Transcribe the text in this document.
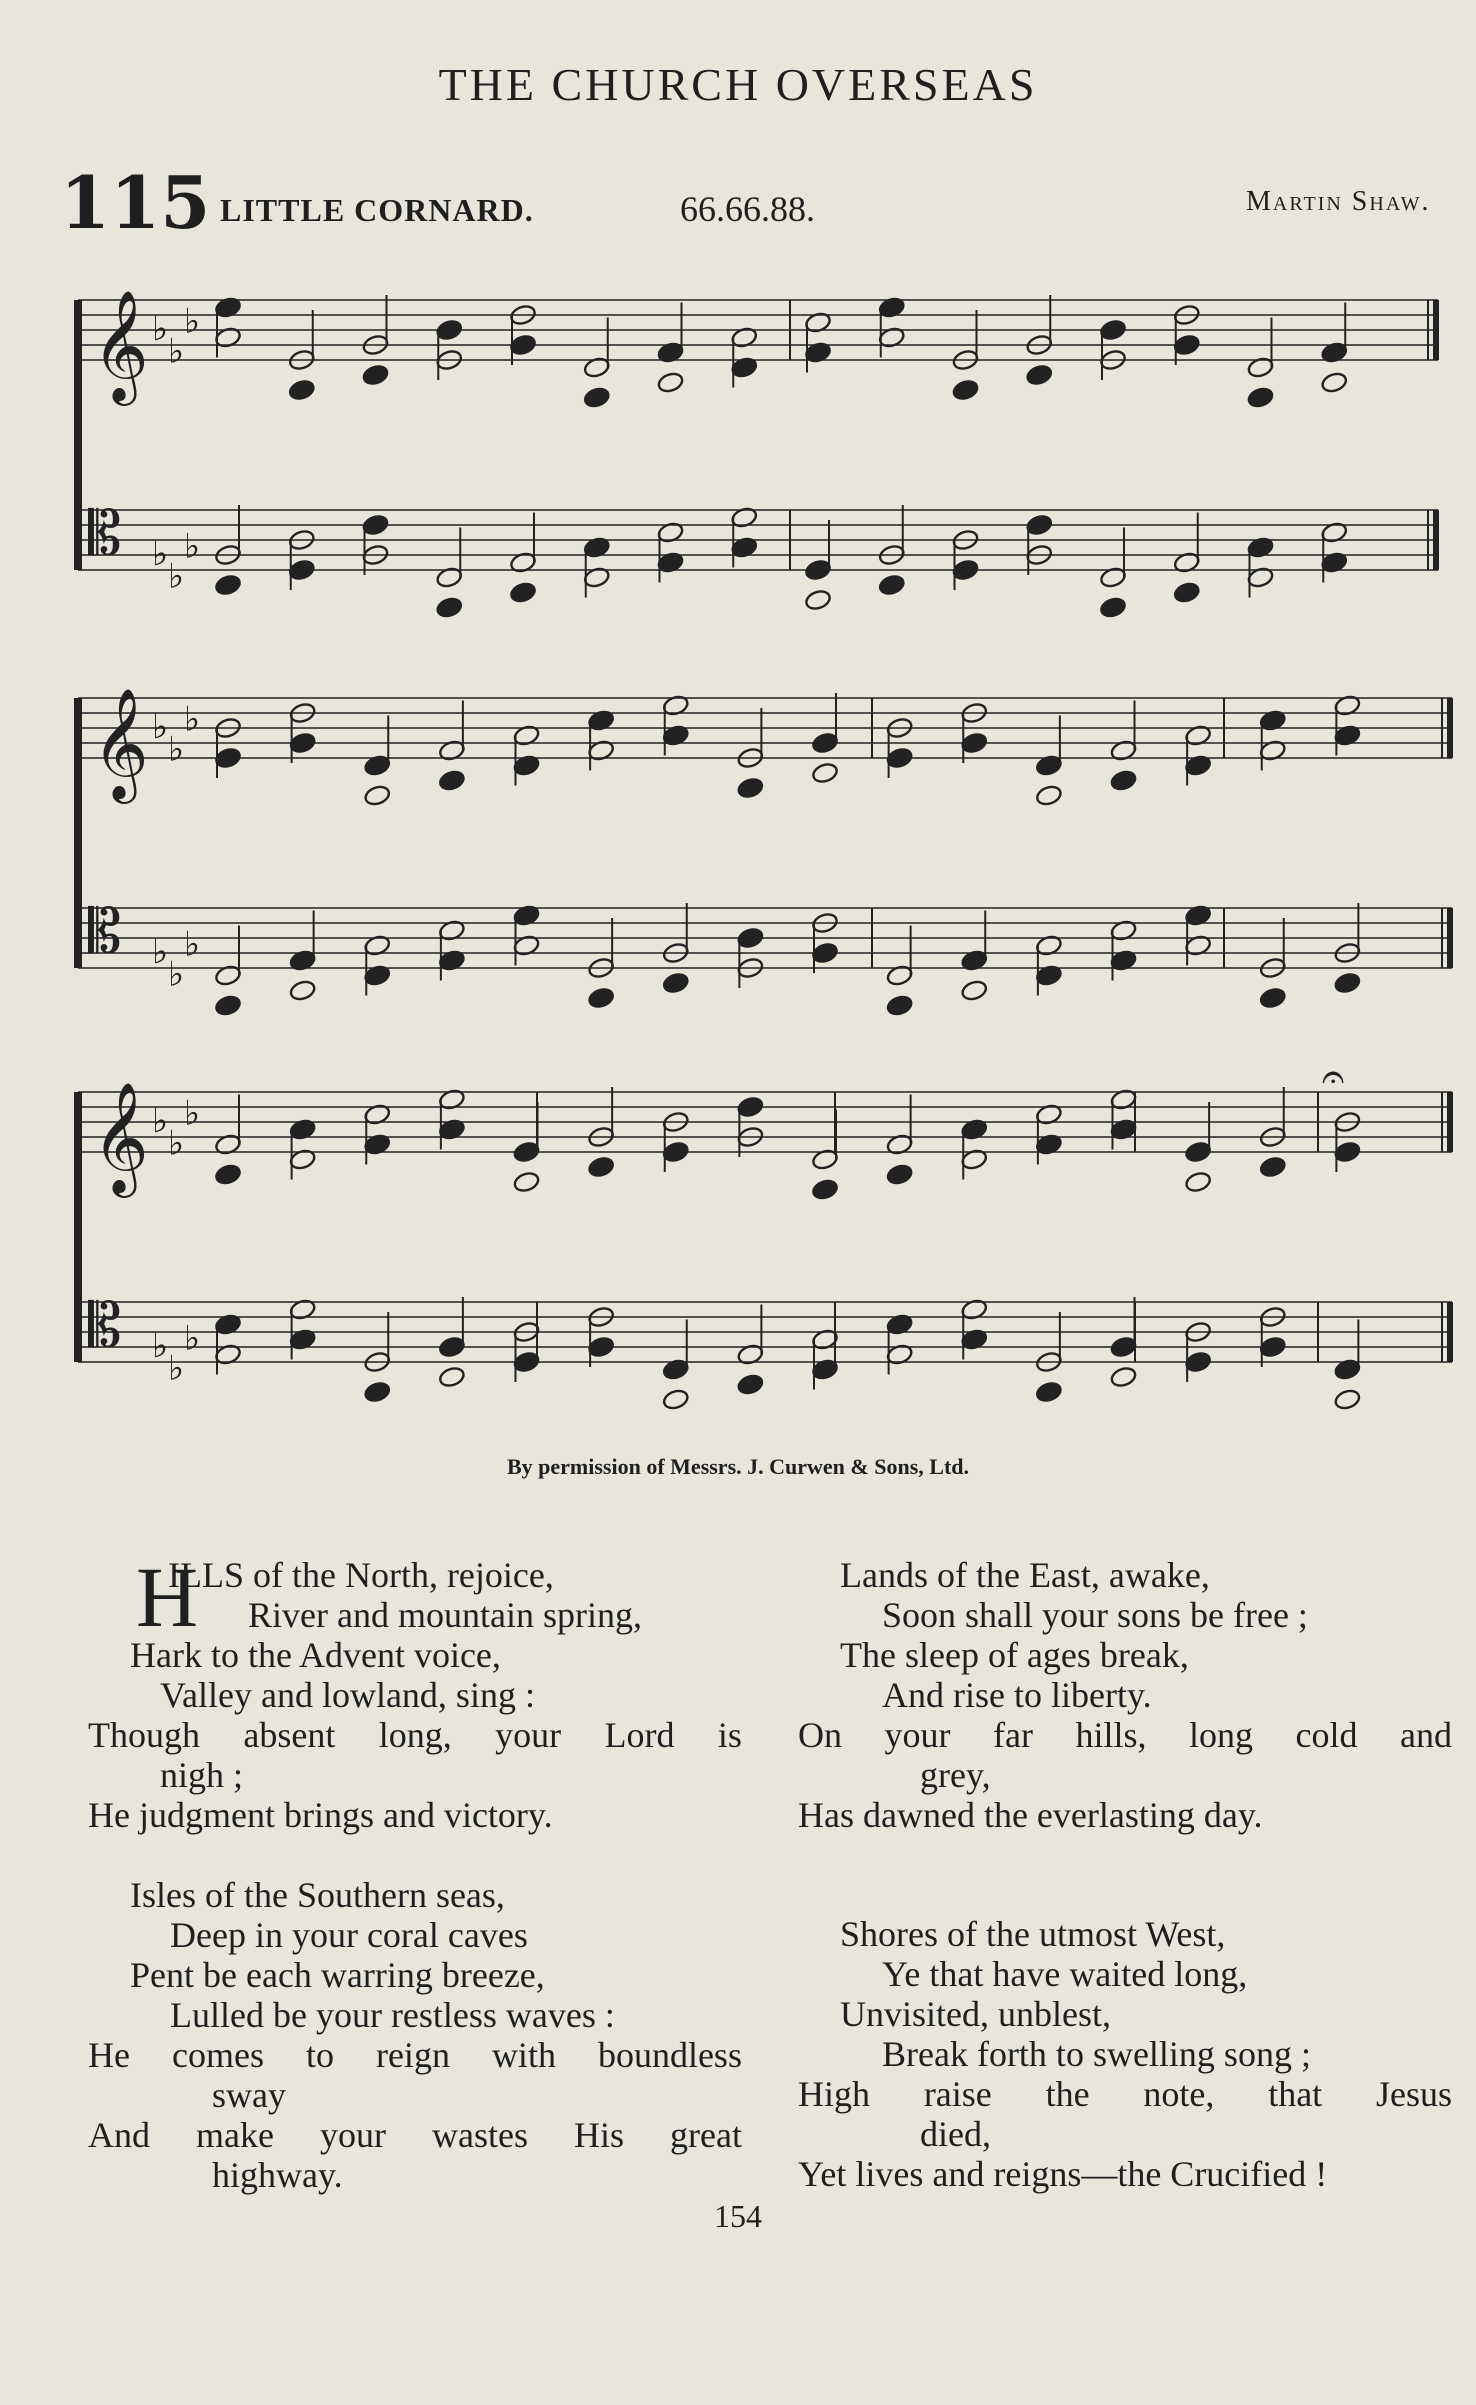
THE CHURCH OVERSEAS
115 LITTLE CORNARD.	66.66.88.	Martin Shaw.
𝄞 ♭
♭
♭
𝄡 ♭
♭
♭
𝄞 ♭
♭
♭
𝄡 ♭
♭
♭
𝄞 ♭
♭
♭
𝄡 ♭
♭
♭
𝄐
By permission of Messrs. J. Curwen & Sons, Ltd.
H
ILLS of the North, rejoice,
River and mountain spring,
Hark to the Advent voice,
Valley and lowland, sing :
Though absent long, your Lord is
nigh ;
He judgment brings and victory.
Isles of the Southern seas,
Deep in your coral caves
Pent be each warring breeze,
Lulled be your restless waves :
He comes to reign with boundless
sway
And make your wastes His great
highway.
Lands of the East, awake,
Soon shall your sons be free ;
The sleep of ages break,
And rise to liberty.
On your far hills, long cold and
grey,
Has dawned the everlasting day.
Shores of the utmost West,
Ye that have waited long,
Unvisited, unblest,
Break forth to swelling song ;
High raise the note, that Jesus
died,
Yet lives and reigns—the Crucified !
154
